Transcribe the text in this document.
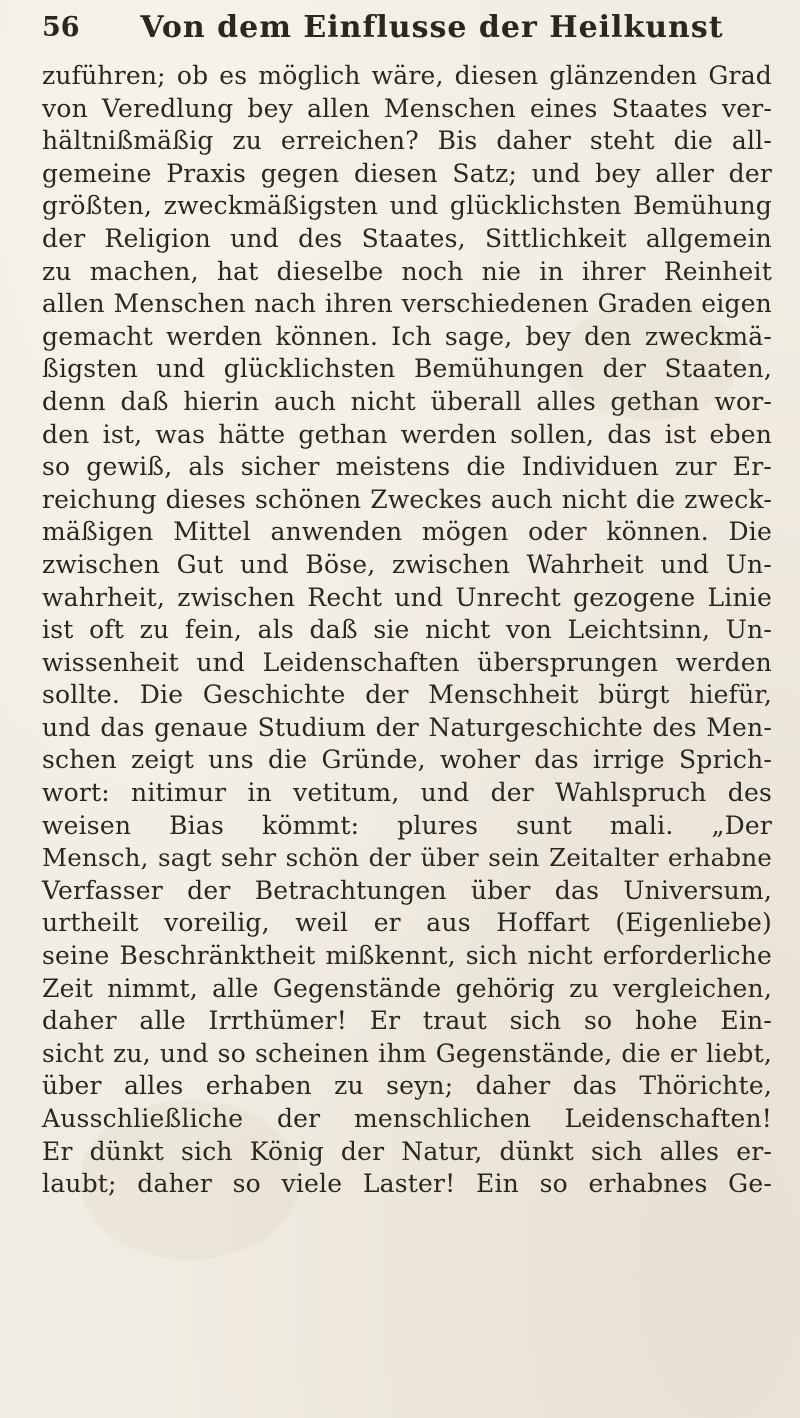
56	Von dem Einflusse der Heilkunst
zuführen; ob es möglich wäre, diesen glänzenden Grad
von Veredlung bey allen Menschen eines Staates ver-
hältnißmäßig zu erreichen? Bis daher steht die all-
gemeine Praxis gegen diesen Satz; und bey aller der
größten, zweckmäßigsten und glücklichsten Bemühung
der Religion und des Staates, Sittlichkeit allgemein
zu machen, hat dieselbe noch nie in ihrer Reinheit
allen Menschen nach ihren verschiedenen Graden eigen
gemacht werden können. Ich sage, bey den zweckmä-
ßigsten und glücklichsten Bemühungen der Staaten,
denn daß hierin auch nicht überall alles gethan wor-
den ist, was hätte gethan werden sollen, das ist eben
so gewiß, als sicher meistens die Individuen zur Er-
reichung dieses schönen Zweckes auch nicht die zweck-
mäßigen Mittel anwenden mögen oder können. Die
zwischen Gut und Böse, zwischen Wahrheit und Un-
wahrheit, zwischen Recht und Unrecht gezogene Linie
ist oft zu fein, als daß sie nicht von Leichtsinn, Un-
wissenheit und Leidenschaften übersprungen werden
sollte. Die Geschichte der Menschheit bürgt hiefür,
und das genaue Studium der Naturgeschichte des Men-
schen zeigt uns die Gründe, woher das irrige Sprich-
wort: nitimur in vetitum, und der Wahlspruch des
weisen Bias kömmt: plures sunt mali. „Der
Mensch, sagt sehr schön der über sein Zeitalter erhabne
Verfasser der Betrachtungen über das Universum,
urtheilt voreilig, weil er aus Hoffart (Eigenliebe)
seine Beschränktheit mißkennt, sich nicht erforderliche
Zeit nimmt, alle Gegenstände gehörig zu vergleichen,
daher alle Irrthümer! Er traut sich so hohe Ein-
sicht zu, und so scheinen ihm Gegenstände, die er liebt,
über alles erhaben zu seyn; daher das Thörichte,
Ausschließliche der menschlichen Leidenschaften!
Er dünkt sich König der Natur, dünkt sich alles er-
laubt; daher so viele Laster! Ein so erhabnes Ge-
